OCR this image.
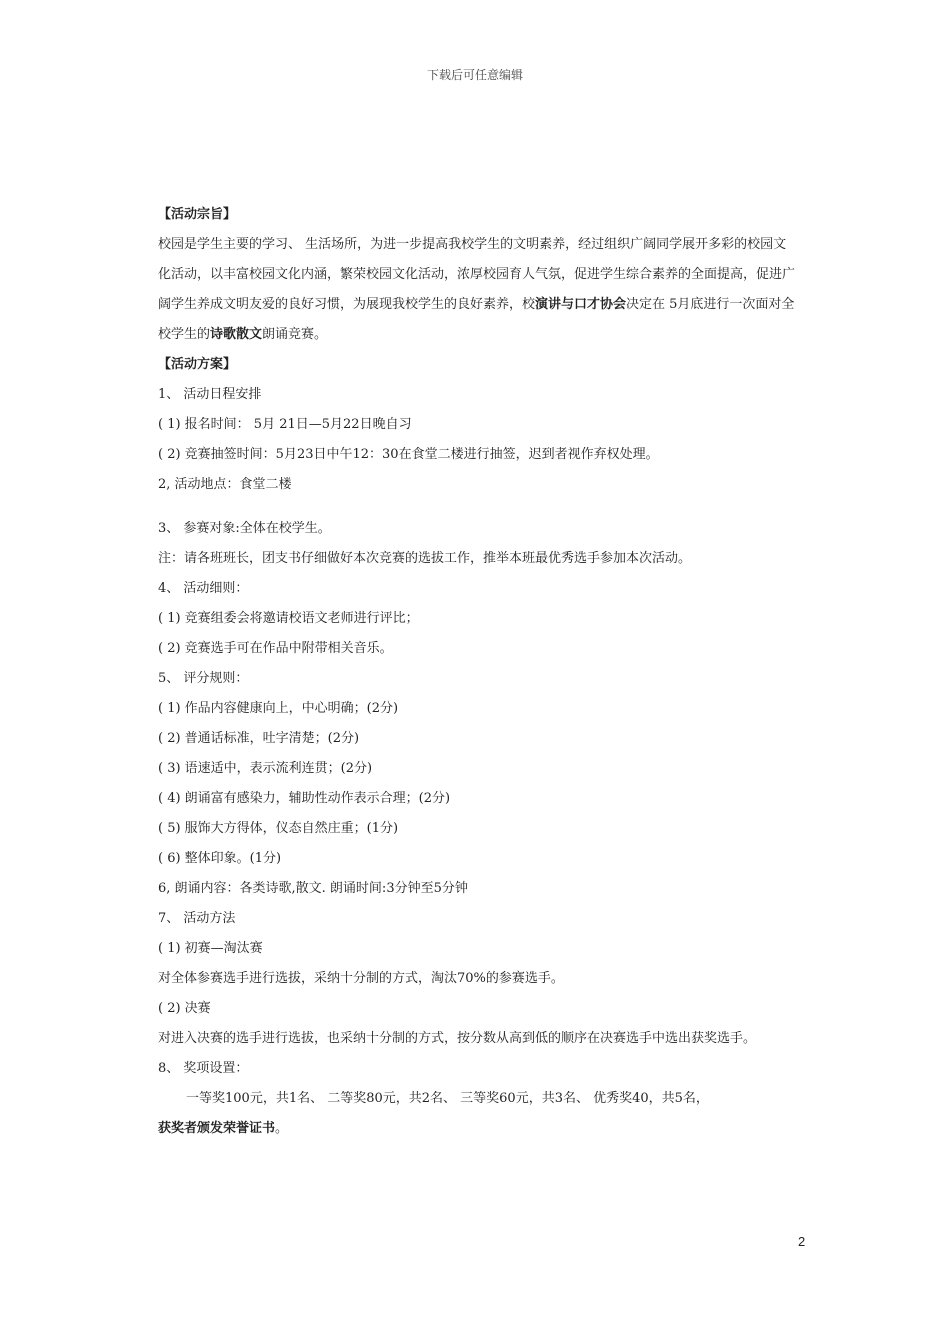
下载后可任意编辑
【活动宗旨】
校园是学生主要的学习、 生活场所，为进一步提高我校学生的文明素养，经过组织广阔同学展开多彩的校园文化活动，以丰富校园文化内涵，繁荣校园文化活动，浓厚校园育人气氛，促进学生综合素养的全面提高，促进广阔学生养成文明友爱的良好习惯，为展现我校学生的良好素养，校演讲与口才协会决定在 5月底进行一次面对全校学生的诗歌散文朗诵竞赛。
【活动方案】
1、 活动日程安排
( 1) 报名时间： 5月 21日—5月22日晚自习
( 2) 竞赛抽签时间：5月23日中午12：30在食堂二楼进行抽签，迟到者视作弃权处理。
2, 活动地点：食堂二楼
3、 参赛对象:全体在校学生。
注：请各班班长，团支书仔细做好本次竞赛的选拔工作，推举本班最优秀选手参加本次活动。
4、 活动细则：
( 1) 竞赛组委会将邀请校语文老师进行评比；
( 2) 竞赛选手可在作品中附带相关音乐。
5、 评分规则：
( 1) 作品内容健康向上，中心明确；(2分)
( 2) 普通话标准，吐字清楚；(2分)
( 3) 语速适中，表示流利连贯；(2分)
( 4) 朗诵富有感染力，辅助性动作表示合理；(2分)
( 5) 服饰大方得体，仪态自然庄重；(1分)
( 6) 整体印象。(1分)
6, 朗诵内容：各类诗歌,散文. 朗诵时间:3分钟至5分钟
7、 活动方法
( 1) 初赛—淘汰赛
对全体参赛选手进行选拔，采纳十分制的方式，淘汰70%的参赛选手。
( 2) 决赛
对进入决赛的选手进行选拔，也采纳十分制的方式，按分数从高到低的顺序在决赛选手中选出获奖选手。
8、 奖项设置：
一等奖100元，共1名、 二等奖80元，共2名、 三等奖60元，共3名、 优秀奖40，共5名，
获奖者颁发荣誉证书。
2
